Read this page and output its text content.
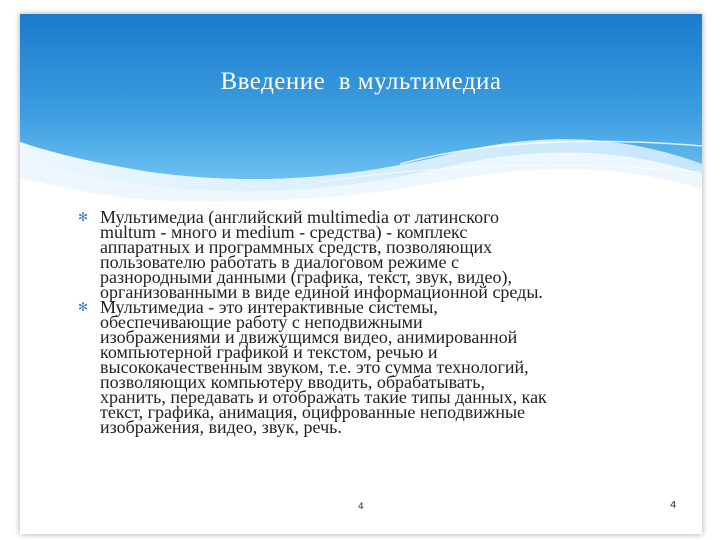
Введение  в мультимедиа
✻ Мультимедиа (английский multimedia от латинского
multum - много и medium - средства) - комплекс
аппаратных и программных средств, позволяющих
пользователю работать в диалоговом режиме с
разнородными данными (графика, текст, звук, видео),
организованными в виде единой информационной среды.
✻ Мультимедиа - это интерактивные системы,
обеспечивающие работу с неподвижными
изображениями и движущимся видео, анимированной
компьютерной графикой и текстом, речью и
высококачественным звуком, т.е. это сумма технологий,
позволяющих компьютеру вводить, обрабатывать,
хранить, передавать и отображать такие типы данных, как
текст, графика, анимация, оцифрованные неподвижные
изображения, видео, звук, речь.
4	4
